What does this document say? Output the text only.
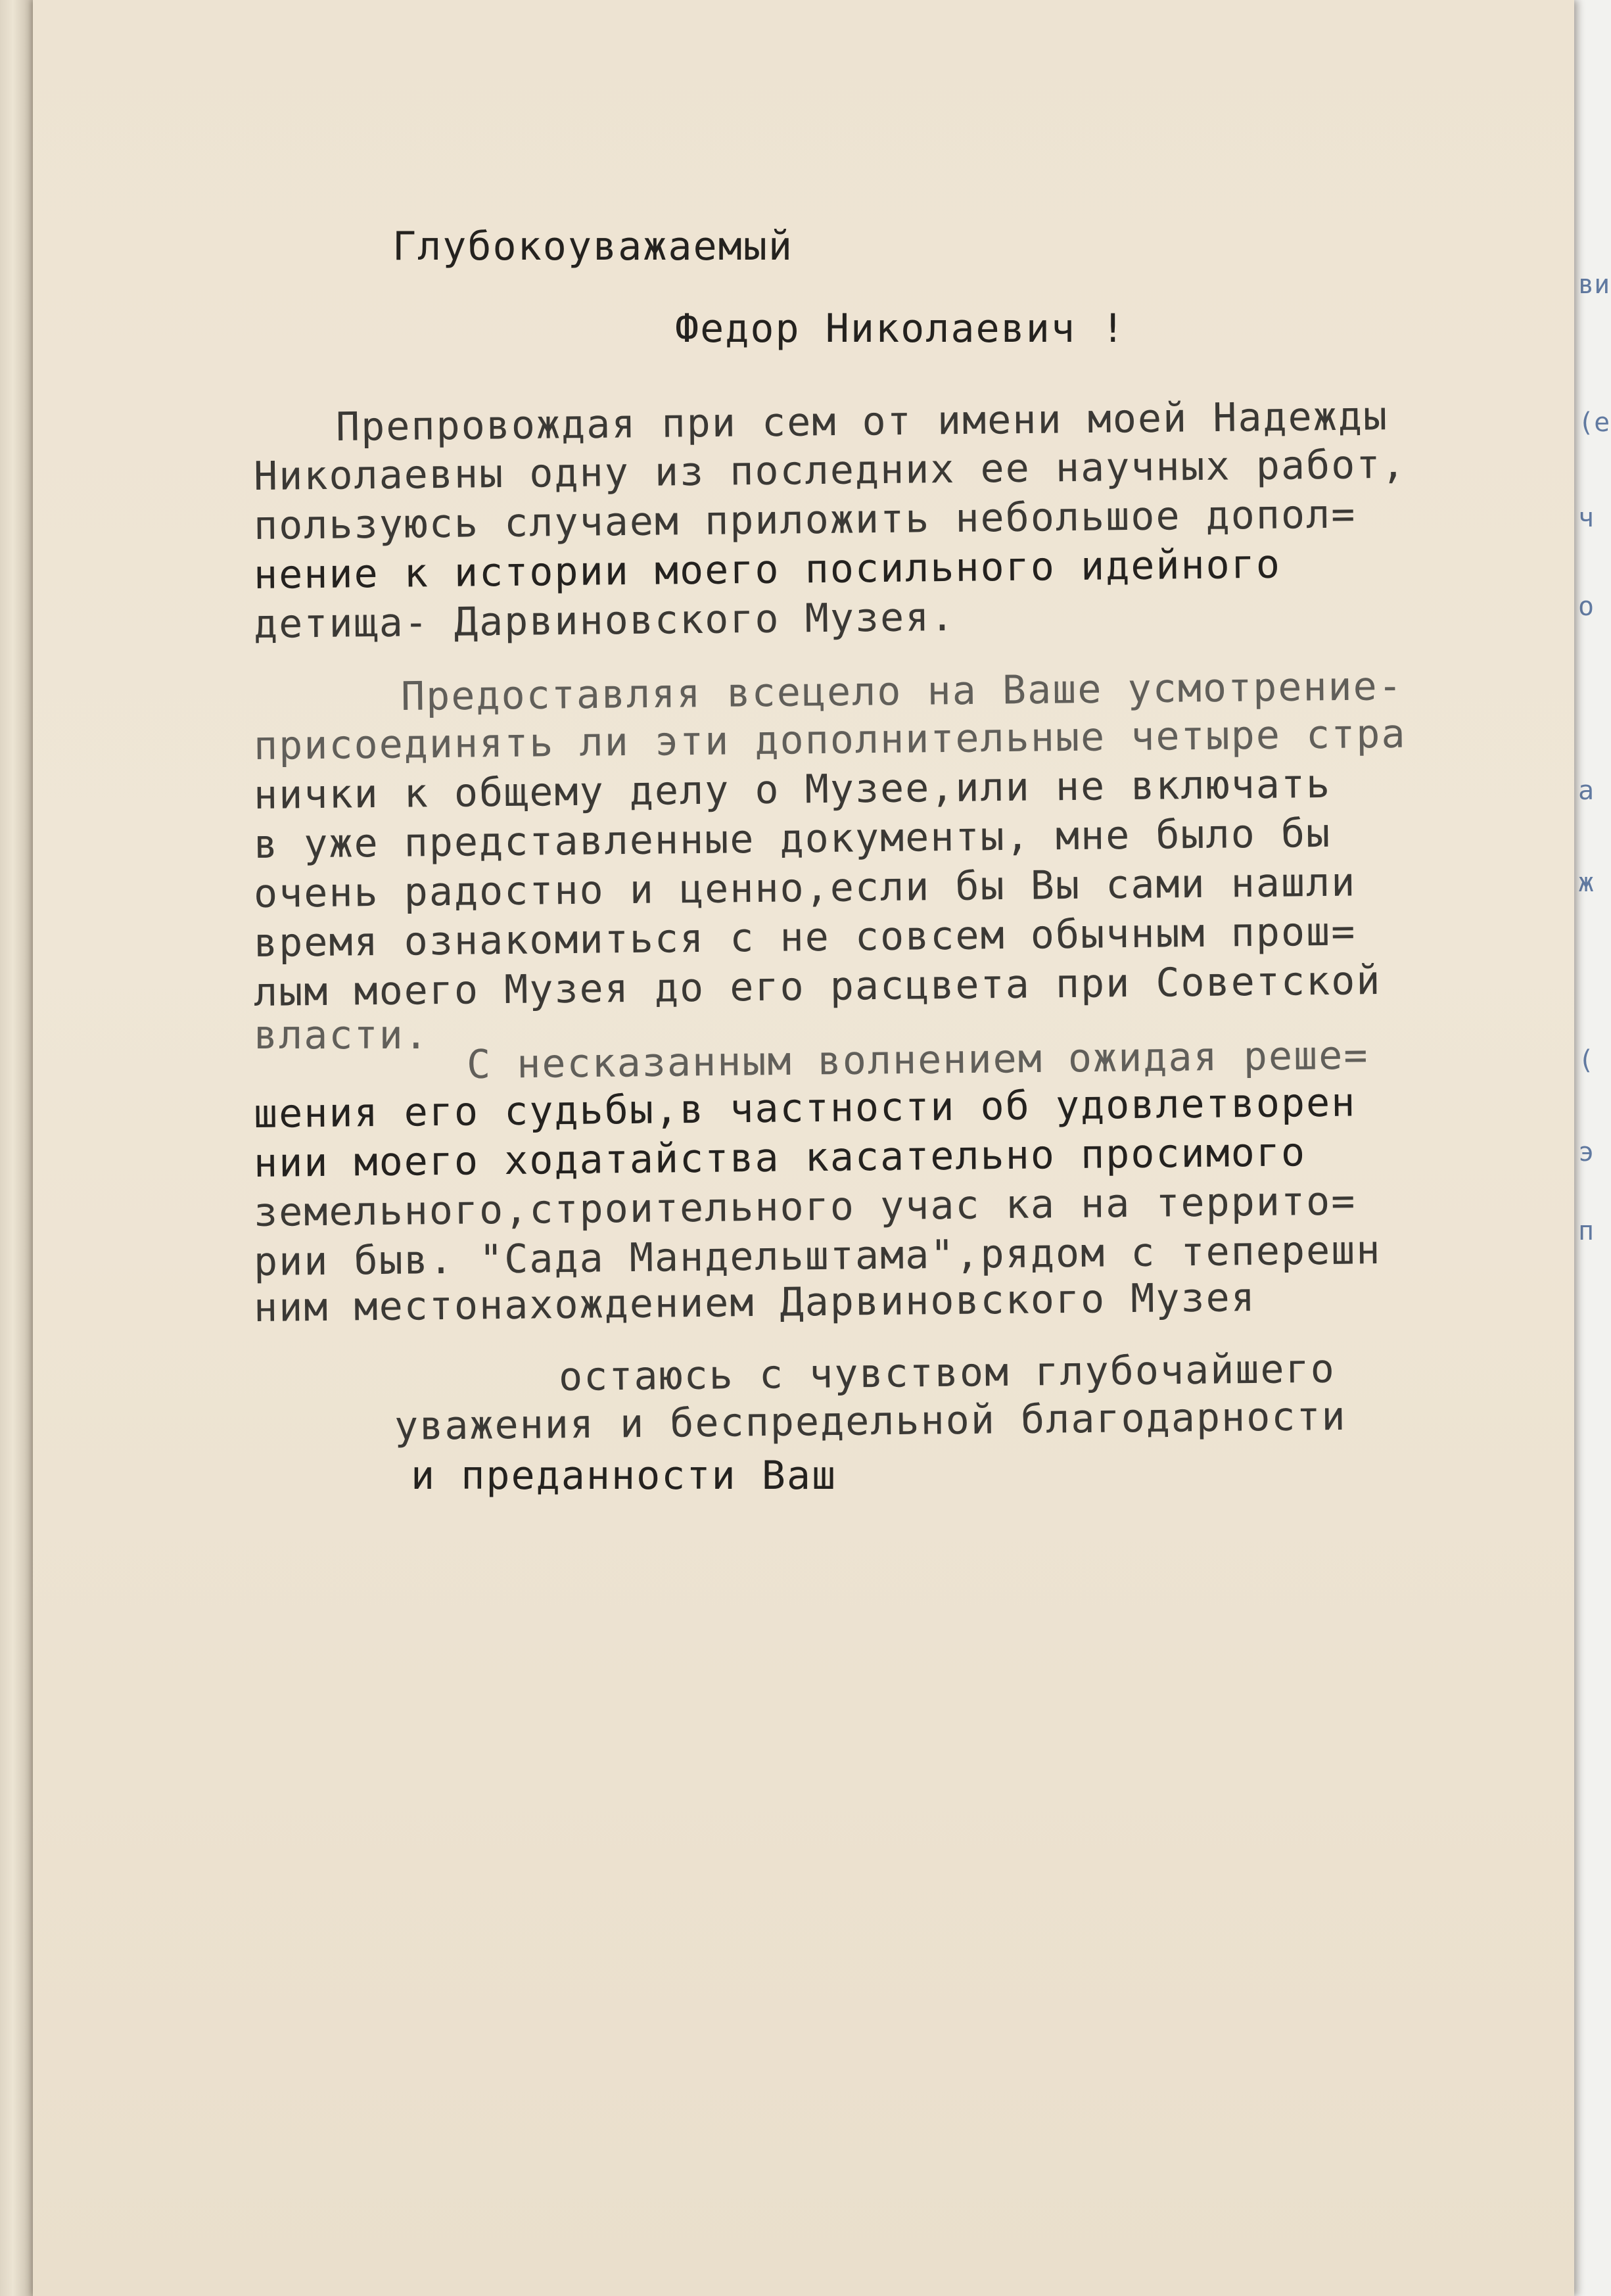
ви
(е
ч
о
а
ж
(
э
п
Глубокоуважаемый
Федор Николаевич !
Препровождая при сем от имени моей Надежды
Николаевны одну из последних ее научных работ,
пользуюсь случаем приложить небольшое допол=
нение к истории моего посильного идейного
детища- Дарвиновского Музея.
Предоставляя всецело на Ваше усмотрение-
присоединять ли эти дополнительные четыре стра
нички к общему делу о Музее,или не включать
в уже представленные документы, мне было бы
очень радостно и ценно,если бы Вы сами нашли
время ознакомиться с не совсем обычным прош=
лым моего Музея до его расцвета при Советской
власти. С несказанным волнением ожидая реше=
шения его судьбы,в частности об удовлетворен
нии моего ходатайства касательно просимого
земельного,строительного учас ка на террито=
рии быв. "Сада Мандельштама",рядом с теперешн
ним местонахождением Дарвиновского Музея
остаюсь с чувством глубочайшего
уважения и беспредельной благодарности
и преданности Ваш
